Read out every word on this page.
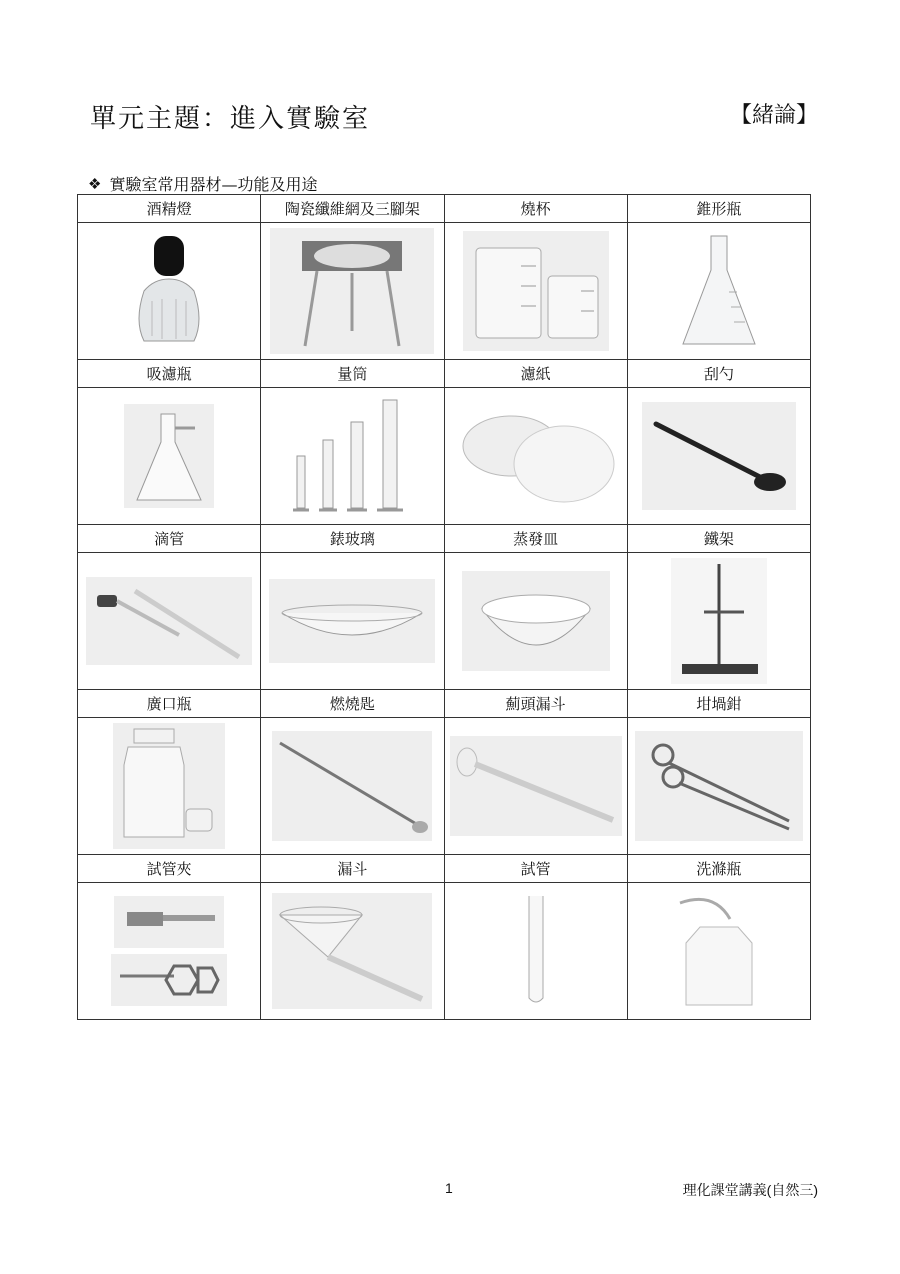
單元主題：進入實驗室	【緒論】
❖ 實驗室常用器材—功能及用途
酒精燈	陶瓷纖維網及三腳架	燒杯	錐形瓶

吸濾瓶	量筒	濾紙	刮勺

滴管	錶玻璃	蒸發皿	鐵架

廣口瓶	燃燒匙	薊頭漏斗	坩堝鉗

試管夾	漏斗	試管	洗滌瓶

1	理化課堂講義(自然三)
